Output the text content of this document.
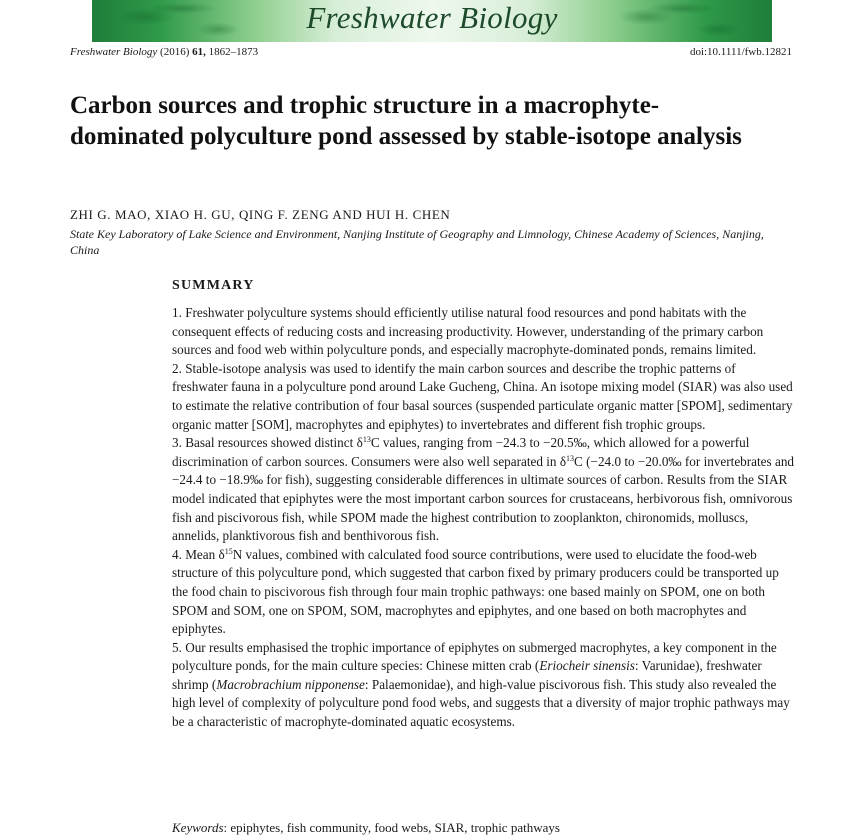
Freshwater Biology
Freshwater Biology (2016) 61, 1862–1873	doi:10.1111/fwb.12821
Carbon sources and trophic structure in a macrophyte-dominated polyculture pond assessed by stable-isotope analysis
ZHI G. MAO, XIAO H. GU, QING F. ZENG AND HUI H. CHEN
State Key Laboratory of Lake Science and Environment, Nanjing Institute of Geography and Limnology, Chinese Academy of Sciences, Nanjing, China
SUMMARY

1. Freshwater polyculture systems should efficiently utilise natural food resources and pond habitats with the consequent effects of reducing costs and increasing productivity. However, understanding of the primary carbon sources and food web within polyculture ponds, and especially macrophyte-dominated ponds, remains limited.

2. Stable-isotope analysis was used to identify the main carbon sources and describe the trophic patterns of freshwater fauna in a polyculture pond around Lake Gucheng, China. An isotope mixing model (SIAR) was also used to estimate the relative contribution of four basal sources (suspended particulate organic matter [SPOM], sedimentary organic matter [SOM], macrophytes and epiphytes) to invertebrates and different fish trophic groups.

3. Basal resources showed distinct $\delta^{13}C$ values, ranging from −24.3 to −20.5‰, which allowed for a powerful discrimination of carbon sources. Consumers were also well separated in $\delta^{13}C$ (−24.0 to −20.0‰ for invertebrates and −24.4 to −18.9‰ for fish), suggesting considerable differences in ultimate sources of carbon. Results from the SIAR model indicated that epiphytes were the most important carbon sources for crustaceans, herbivorous fish, omnivorous fish and piscivorous fish, while SPOM made the highest contribution to zooplankton, chironomids, molluscs, annelids, planktivorous fish and benthivorous fish.

4. Mean $\delta^{15}N$ values, combined with calculated food source contributions, were used to elucidate the food-web structure of this polyculture pond, which suggested that carbon fixed by primary producers could be transported up the food chain to piscivorous fish through four main trophic pathways: one based mainly on SPOM, one on both SPOM and SOM, one on SPOM, SOM, macrophytes and epiphytes, and one based on both macrophytes and epiphytes.

5. Our results emphasised the trophic importance of epiphytes on submerged macrophytes, a key component in the polyculture ponds, for the main culture species: Chinese mitten crab (Eriocheir sinensis: Varunidae), freshwater shrimp (Macrobrachium nipponense: Palaemonidae), and high-value piscivorous fish. This study also revealed the high level of complexity of polyculture pond food webs, and suggests that a diversity of major trophic pathways may be a characteristic of macrophyte-dominated aquatic ecosystems.

Keywords: epiphytes, fish community, food webs, SIAR, trophic pathways
